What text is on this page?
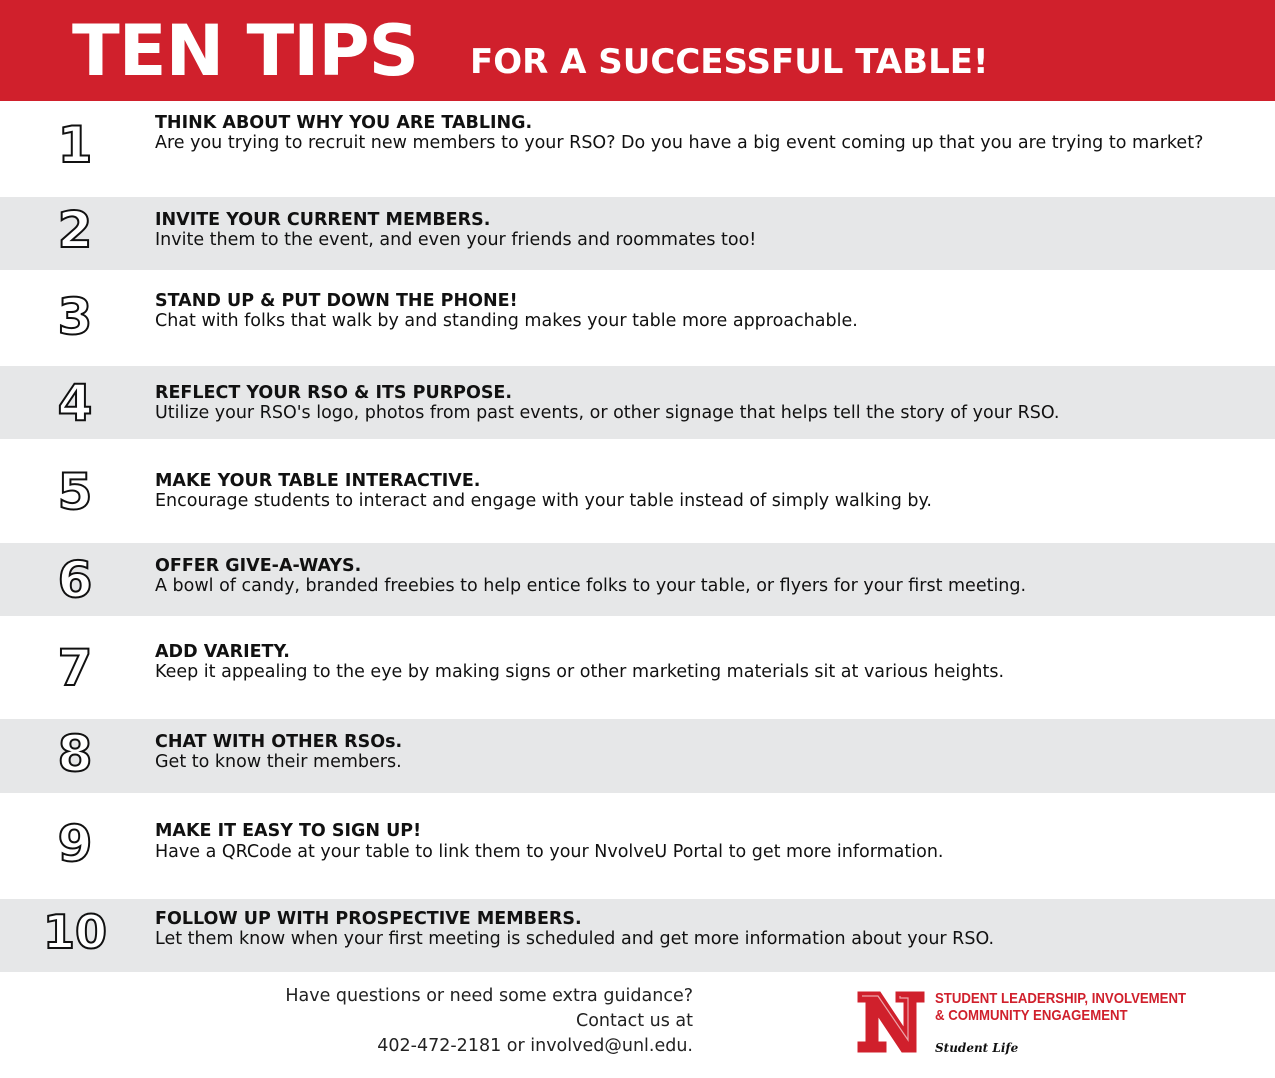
TEN TIPS FOR A SUCCESSFUL TABLE!
1	THINK ABOUT WHY YOU ARE TABLING.
Are you trying to recruit new members to your RSO? Do you have a big event coming up that you are trying to market?
2	INVITE YOUR CURRENT MEMBERS.
Invite them to the event, and even your friends and roommates too!
3	STAND UP & PUT DOWN THE PHONE!
Chat with folks that walk by and standing makes your table more approachable.
4	REFLECT YOUR RSO & ITS PURPOSE.
Utilize your RSO's logo, photos from past events, or other signage that helps tell the story of your RSO.
5	MAKE YOUR TABLE INTERACTIVE.
Encourage students to interact and engage with your table instead of simply walking by.
6	OFFER GIVE-A-WAYS.
A bowl of candy, branded freebies to help entice folks to your table, or flyers for your first meeting.
7	ADD VARIETY.
Keep it appealing to the eye by making signs or other marketing materials sit at various heights.
8	CHAT WITH OTHER RSOs.
Get to know their members.
9	MAKE IT EASY TO SIGN UP!
Have a QRCode at your table to link them to your NvolveU Portal to get more information.
10	FOLLOW UP WITH PROSPECTIVE MEMBERS.
Let them know when your first meeting is scheduled and get more information about your RSO.
Have questions or need some extra guidance?
Contact us at
402-472-2181 or involved@unl.edu.
STUDENT LEADERSHIP, INVOLVEMENT
& COMMUNITY ENGAGEMENT
Student Life
